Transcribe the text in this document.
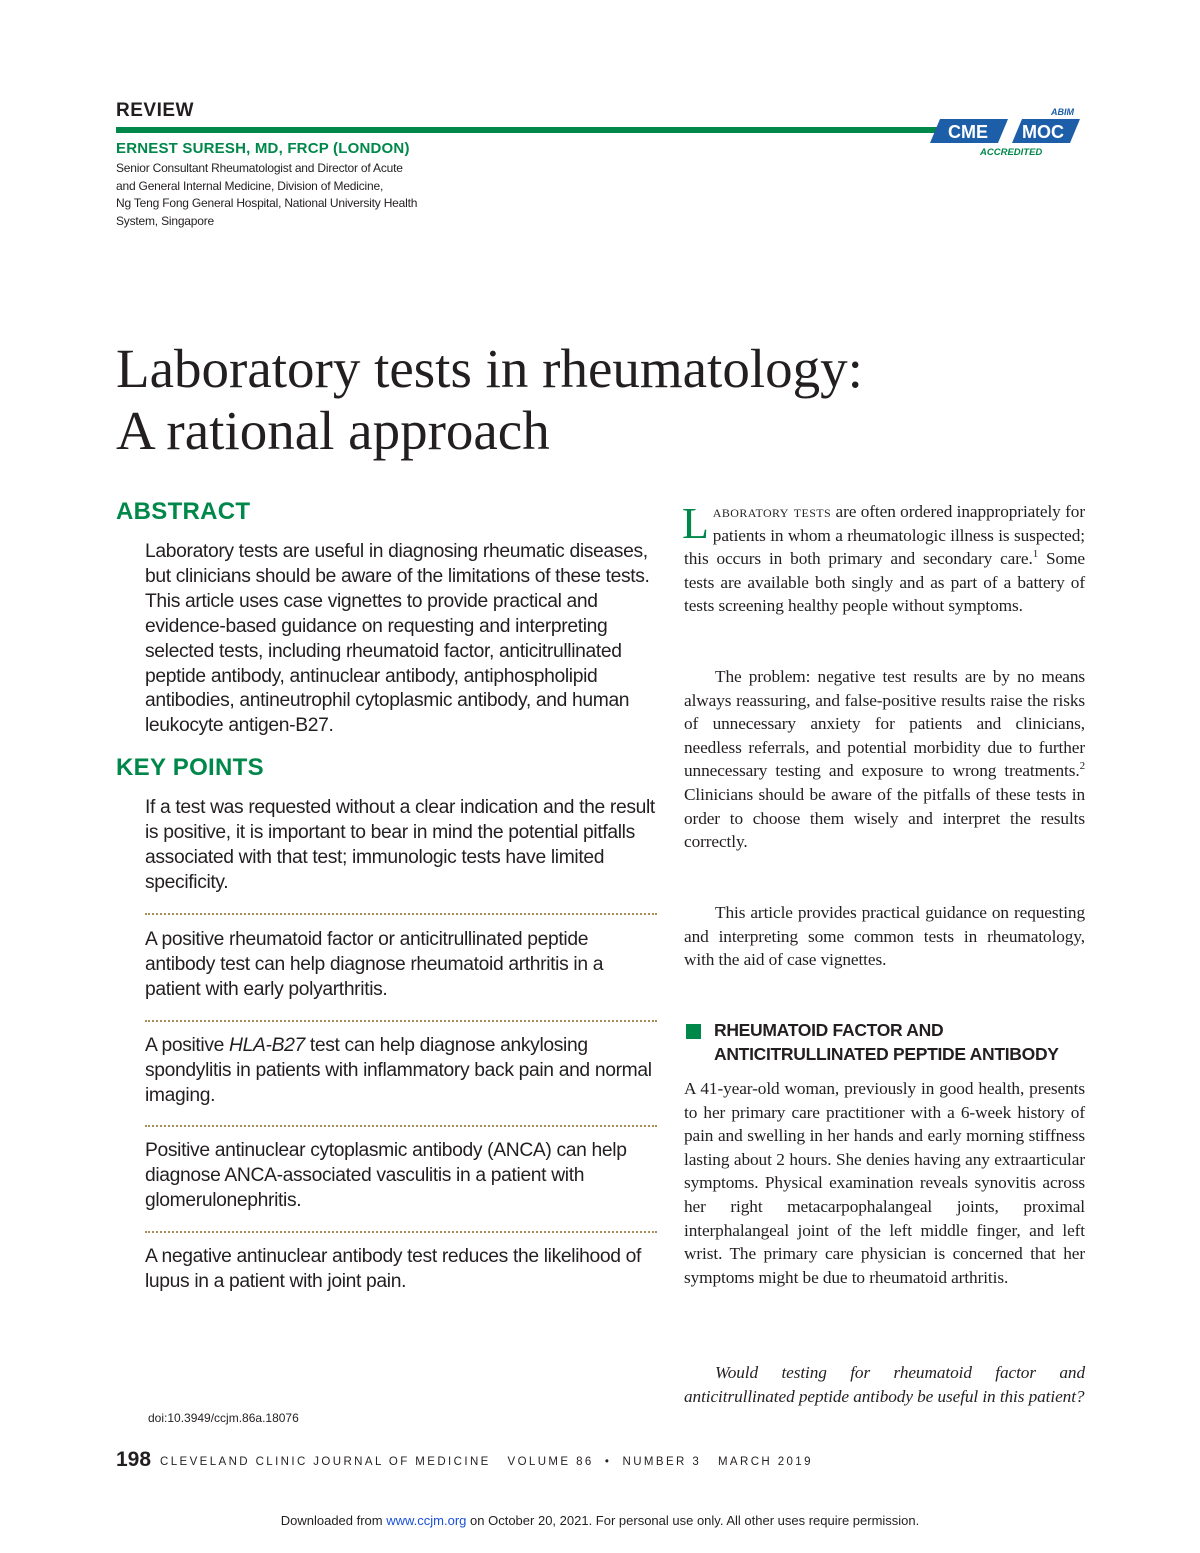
REVIEW	ABIM
CME MOC
ACCREDITED
ERNEST SURESH, MD, FRCP (LONDON)
Senior Consultant Rheumatologist and Director of Acute
and General Internal Medicine, Division of Medicine,
Ng Teng Fong General Hospital, National University Health
System, Singapore
Laboratory tests in rheumatology:
A rational approach
ABSTRACT
Laboratory tests are useful in diagnosing rheumatic diseases, but clinicians should be aware of the limitations of these tests. This article uses case vignettes to provide practical and evidence-based guidance on requesting and interpreting selected tests, including rheumatoid factor, anticitrullinated peptide antibody, antinuclear antibody, antiphospholipid antibodies, antineutrophil cytoplasmic antibody, and human leukocyte antigen-B27.
KEY POINTS
If a test was requested without a clear indication and the result is positive, it is important to bear in mind the potential pitfalls associated with that test; immunologic tests have limited specificity.
A positive rheumatoid factor or anticitrullinated peptide antibody test can help diagnose rheumatoid arthritis in a patient with early polyarthritis.
A positive HLA-B27 test can help diagnose ankylosing spondylitis in patients with inflammatory back pain and normal imaging.
Positive antinuclear cytoplasmic antibody (ANCA) can help diagnose ANCA-associated vasculitis in a patient with glomerulonephritis.
A negative antinuclear antibody test reduces the likelihood of lupus in a patient with joint pain.

Laboratory tests are often ordered inappropriately for patients in whom a rheumatologic illness is suspected; this occurs in both primary and secondary care.$^1$ Some tests are available both singly and as part of a battery of tests screening healthy people without symptoms.

The problem: negative test results are by no means always reassuring, and false-positive results raise the risks of unnecessary anxiety for patients and clinicians, needless referrals, and potential morbidity due to further unnecessary testing and exposure to wrong treatments.$^2$ Clinicians should be aware of the pitfalls of these tests in order to choose them wisely and interpret the results correctly.

This article provides practical guidance on requesting and interpreting some common tests in rheumatology, with the aid of case vignettes.

RHEUMATOID FACTOR AND
ANTICITRULLINATED PEPTIDE ANTIBODY

A 41-year-old woman, previously in good health, presents to her primary care practitioner with a 6-week history of pain and swelling in her hands and early morning stiffness lasting about 2 hours. She denies having any extraarticular symptoms. Physical examination reveals synovitis across her right metacarpophalangeal joints, proximal interphalangeal joint of the left middle finger, and left wrist. The primary care physician is concerned that her symptoms might be due to rheumatoid arthritis.

Would testing for rheumatoid factor and anticitrullinated peptide antibody be useful in this patient?

doi:10.3949/ccjm.86a.18076
198 CLEVELAND CLINIC JOURNAL OF MEDICINE VOLUME 86 • NUMBER 3 MARCH 2019
Downloaded from www.ccjm.org on October 20, 2021. For personal use only. All other uses require permission.
